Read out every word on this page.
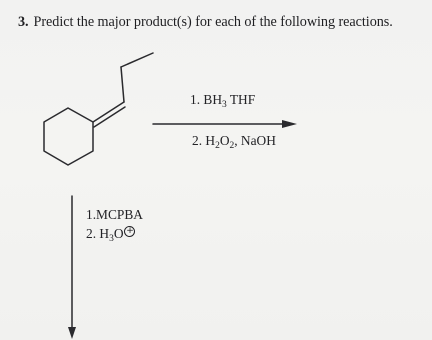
3. Predict the major product(s) for each of the following reactions.
1. $BH_3$ THF
2. $H_2O_2$, NaOH
1.MCPBA
2. $H_3O$ +
